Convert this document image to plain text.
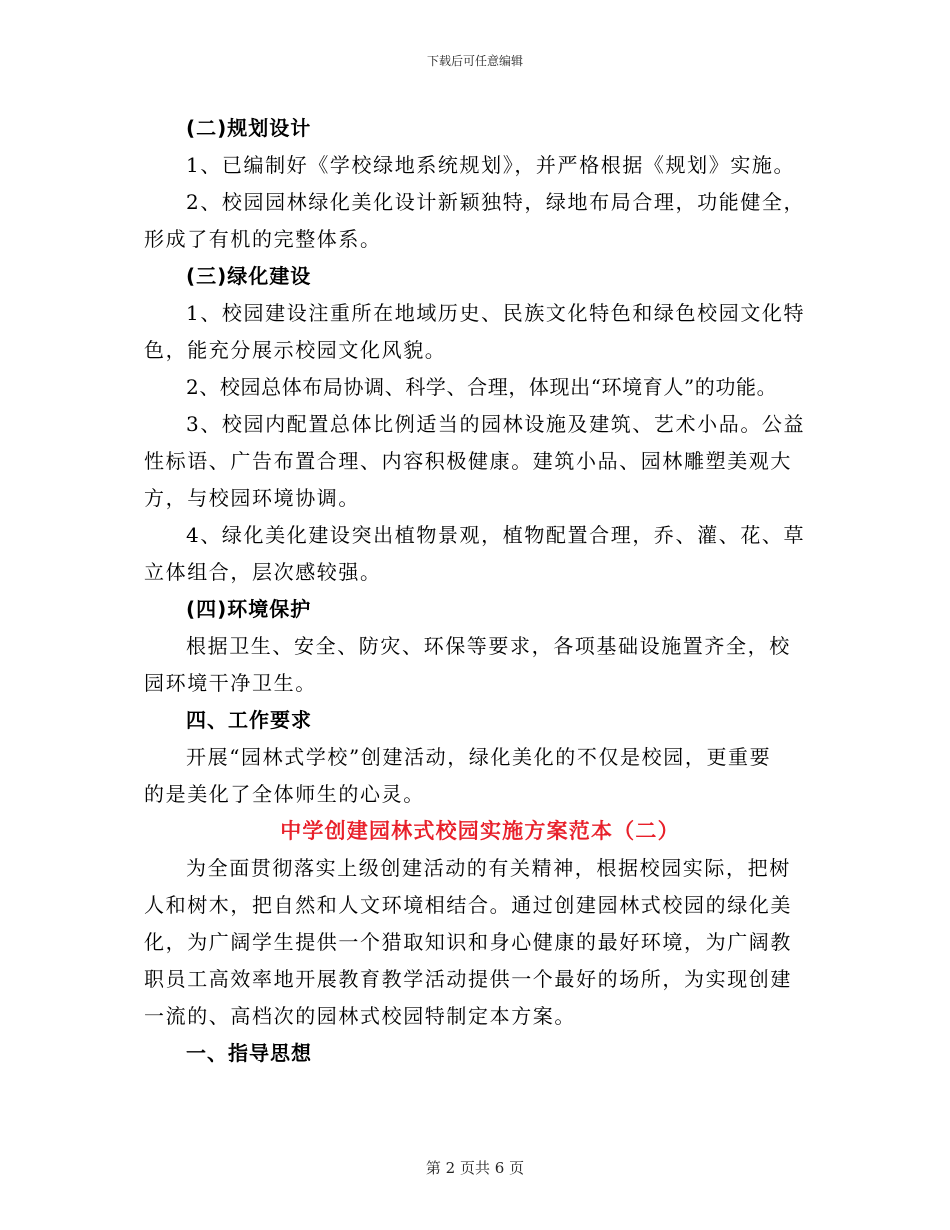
下载后可任意编辑
(二)规划设计
1、已编制好《学校绿地系统规划》，并严格根据《规划》实施。
2、校园园林绿化美化设计新颖独特，绿地布局合理，功能健全，
形成了有机的完整体系。
(三)绿化建设
1、校园建设注重所在地域历史、民族文化特色和绿色校园文化特
色，能充分展示校园文化风貌。
2、校园总体布局协调、科学、合理，体现出“环境育人”的功能。
3、校园内配置总体比例适当的园林设施及建筑、艺术小品。公益
性标语、广告布置合理、内容积极健康。建筑小品、园林雕塑美观大
方，与校园环境协调。
4、绿化美化建设突出植物景观，植物配置合理，乔、灌、花、草
立体组合，层次感较强。
(四)环境保护
根据卫生、安全、防灾、环保等要求，各项基础设施置齐全，校
园环境干净卫生。
四、工作要求
开展“园林式学校”创建活动，绿化美化的不仅是校园，更重要
的是美化了全体师生的心灵。
中学创建园林式校园实施方案范本（二）
为全面贯彻落实上级创建活动的有关精神，根据校园实际，把树
人和树木，把自然和人文环境相结合。通过创建园林式校园的绿化美
化，为广阔学生提供一个猎取知识和身心健康的最好环境，为广阔教
职员工高效率地开展教育教学活动提供一个最好的场所，为实现创建
一流的、高档次的园林式校园特制定本方案。
一、指导思想
第 2 页共 6 页
